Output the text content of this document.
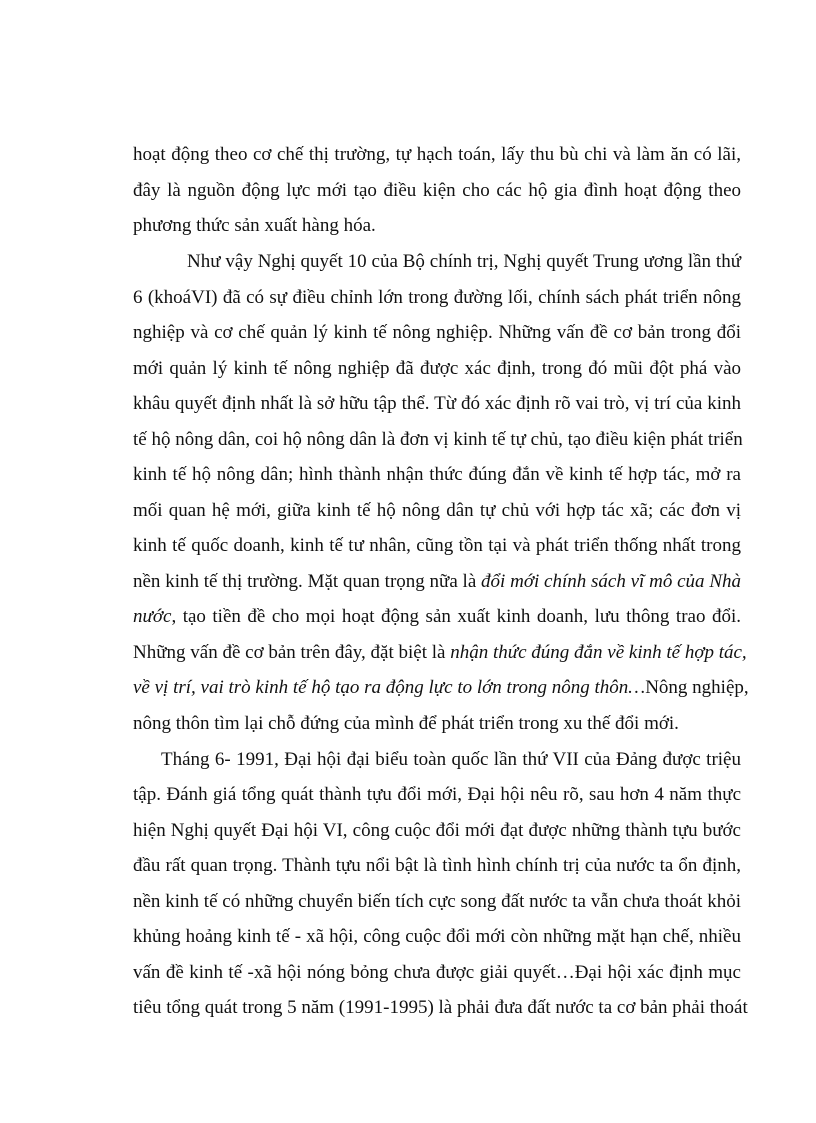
hoạt động theo cơ chế thị trường, tự hạch toán, lấy thu bù chi và làm ăn có lãi,

đây là nguồn động lực mới tạo điều kiện cho các hộ gia đình hoạt động theo

phương thức sản xuất hàng hóa.

Như vậy Nghị quyết 10 của Bộ chính trị, Nghị quyết Trung ương lần thứ

6 (khoáVI) đã có sự điều chỉnh lớn trong đường lối, chính sách phát triển nông

nghiệp và cơ chế quản lý kinh tế nông nghiệp. Những vấn đề cơ bản trong đổi

mới quản lý kinh tế nông nghiệp đã được xác định, trong đó mũi đột phá vào

khâu quyết định nhất là sở hữu tập thể. Từ đó xác định rõ vai trò, vị trí của kinh

tế hộ nông dân, coi hộ nông dân là đơn vị kinh tế tự chủ, tạo điều kiện phát triển

kinh tế hộ nông dân; hình thành nhận thức đúng đắn về kinh tế hợp tác, mở ra

mối quan hệ mới, giữa kinh tế hộ nông dân tự chủ với hợp tác xã; các đơn vị

kinh tế quốc doanh, kinh tế tư nhân, cũng tồn tại và phát triển thống nhất trong

nền kinh tế thị trường. Mặt quan trọng nữa là đổi mới chính sách vĩ mô của Nhà

nước, tạo tiền đề cho mọi hoạt động sản xuất kinh doanh, lưu thông trao đổi.

Những vấn đề cơ bản trên đây, đặt biệt là nhận thức đúng đắn về kinh tế hợp tác,

về vị trí, vai trò kinh tế hộ tạo ra động lực to lớn trong nông thôn…Nông nghiệp,

nông thôn tìm lại chỗ đứng của mình để phát triển trong xu thế đổi mới.

Tháng 6- 1991, Đại hội đại biểu toàn quốc lần thứ VII của Đảng được triệu

tập. Đánh giá tổng quát thành tựu đổi mới, Đại hội nêu rõ, sau hơn 4 năm thực

hiện Nghị quyết Đại hội VI, công cuộc đổi mới đạt được những thành tựu bước

đầu rất quan trọng. Thành tựu nổi bật là tình hình chính trị của nước ta ổn định,

nền kinh tế có những chuyển biến tích cực song đất nước ta vẫn chưa thoát khỏi

khủng hoảng kinh tế - xã hội, công cuộc đổi mới còn những mặt hạn chế, nhiều

vấn đề kinh tế -xã hội nóng bỏng chưa được giải quyết…Đại hội xác định mục

tiêu tổng quát trong 5 năm (1991-1995) là phải đưa đất nước ta cơ bản phải thoát
